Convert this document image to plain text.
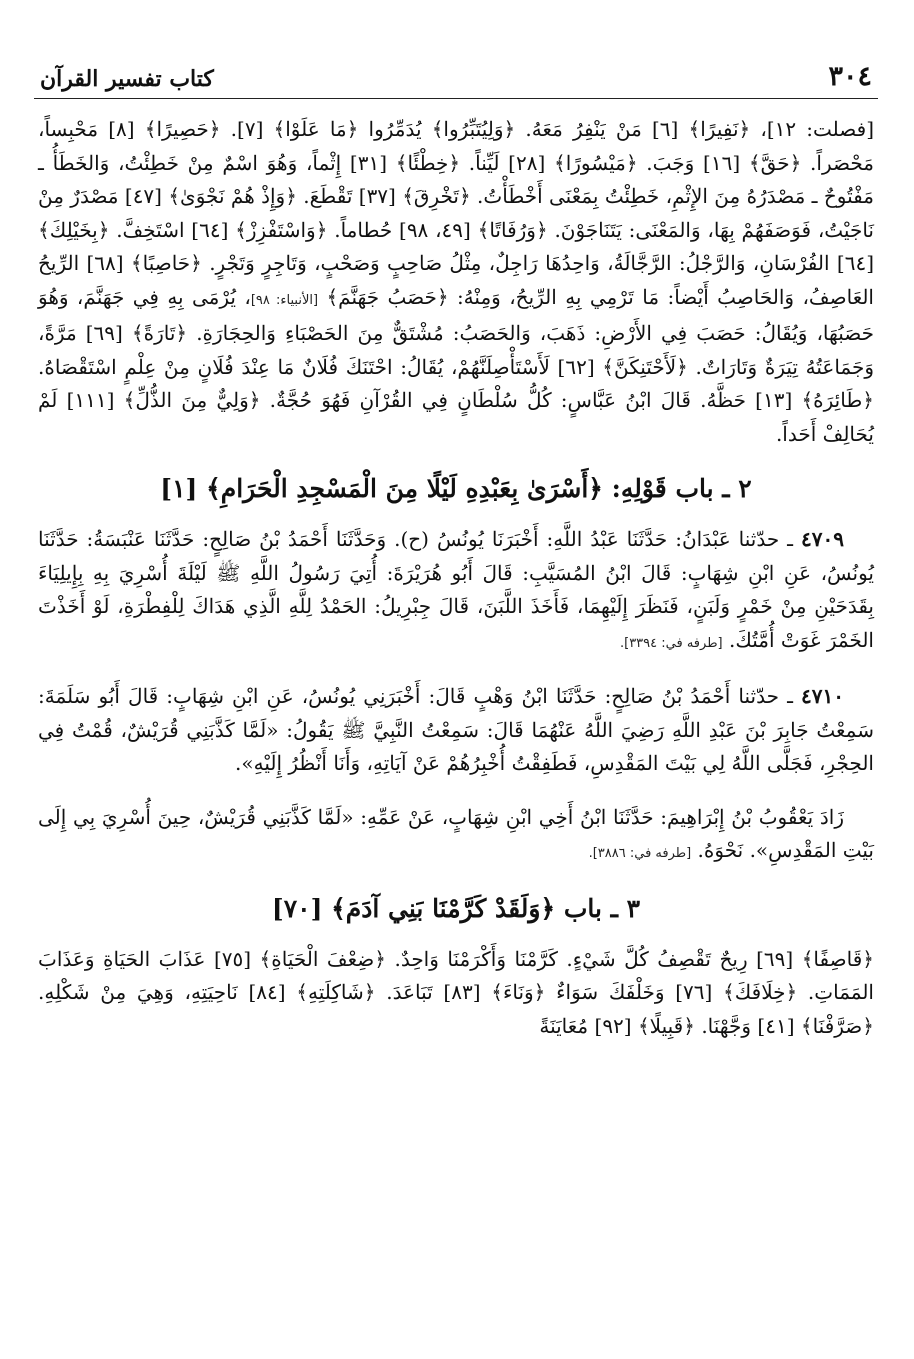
٣٠٤
كتاب تفسير القرآن

[فصلت: ١٢]، ﴿نَفِيرًا﴾ [٦] مَنْ يَنْفِرُ مَعَهُ. ﴿وَلِيُتَبِّرُوا﴾ يُدَمِّرُوا ﴿مَا عَلَوْا﴾ [٧]. ﴿حَصِيرًا﴾ [٨] مَحْبِساً، مَحْصَراً. ﴿حَقَّ﴾ [١٦] وَجَبَ. ﴿مَيْسُورًا﴾ [٢٨] لَيِّناً. ﴿خِطْئًا﴾ [٣١] إِثْماً، وَهُوَ اسْمٌ مِنْ خَطِئْتُ، وَالخَطَأُ ـ مَفْتُوحٌ ـ مَصْدَرُهُ مِنَ الإِثْمِ، خَطِئْتُ بِمَعْنَى أَخْطَأْتُ. ﴿تَخْرِقَ﴾ [٣٧] تَقْطَعَ. ﴿وَإِذْ هُمْ نَجْوَىٰ﴾ [٤٧] مَصْدَرٌ مِنْ نَاجَيْتُ، فَوَصَفَهُمْ بِهَا، وَالمَعْنَى: يَتَنَاجَوْنَ. ﴿وَرُفَاتًا﴾ [٤٩، ٩٨] حُطاماً. ﴿وَاسْتَفْزِزْ﴾ [٦٤] اسْتَخِفَّ. ﴿بِخَيْلِكَ﴾ [٦٤] الفُرْسَانِ، وَالرَّجْلُ: الرَّجَّالَةُ، وَاحِدُهَا رَاجِلٌ، مِثْلُ صَاحِبٍ وَصَحْبٍ، وَتَاجِرٍ وَتَجْرٍ. ﴿حَاصِبًا﴾ [٦٨] الرِّيحُ العَاصِفُ، وَالحَاصِبُ أَيْضاً: مَا تَرْمِي بِهِ الرِّيحُ، وَمِنْهُ: ﴿حَصَبُ جَهَنَّمَ﴾ [الأنبياء: ٩٨]، يُرْمَى بِهِ فِي جَهَنَّمَ، وَهُوَ حَصَبُهَا، وَيُقَالُ: حَصَبَ فِي الأَرْضِ: ذَهَبَ، وَالحَصَبُ: مُشْتَقٌّ مِنَ الحَصْبَاءِ وَالحِجَارَةِ. ﴿تَارَةً﴾ [٦٩] مَرَّةً، وَجَمَاعَتُهُ تِيَرَةٌ وَتَارَاتٌ. ﴿لَأَحْتَنِكَنَّ﴾ [٦٢] لَأَسْتَأْصِلَنَّهُمْ، يُقَالُ: احْتَنَكَ فُلَانٌ مَا عِنْدَ فُلَانٍ مِنْ عِلْمٍ اسْتَقْصَاهُ. ﴿طَائِرَهُ﴾ [١٣] حَظَّهُ. قَالَ ابْنُ عَبَّاسٍ: كُلُّ سُلْطَانٍ فِي القُرْآنِ فَهُوَ حُجَّةٌ. ﴿وَلِيٌّ مِنَ الذُّلِّ﴾ [١١١] لَمْ يُحَالِفْ أَحَداً.

٢ ـ باب قَوْلِهِ: ﴿أَسْرَىٰ بِعَبْدِهِ لَيْلًا مِنَ الْمَسْجِدِ الْحَرَامِ﴾ [١]

٤٧٠٩ ـ حدّثنا عَبْدَانُ: حَدَّثَنَا عَبْدُ اللَّهِ: أَخْبَرَنَا يُونُسُ (ح). وَحَدَّثَنَا أَحْمَدُ بْنُ صَالِحٍ: حَدَّثَنَا عَنْبَسَةُ: حَدَّثَنَا يُونُسُ، عَنِ ابْنِ شِهَابٍ: قَالَ ابْنُ المُسَيَّبِ: قَالَ أَبُو هُرَيْرَةَ: أُتِيَ رَسُولُ اللَّهِ ﷺ لَيْلَةَ أُسْرِيَ بِهِ بِإِيلِيَاءَ بِقَدَحَيْنِ مِنْ خَمْرٍ وَلَبَنٍ، فَنَظَرَ إِلَيْهِمَا، فَأَخَذَ اللَّبَنَ، قَالَ جِبْرِيلُ: الحَمْدُ لِلَّهِ الَّذِي هَدَاكَ لِلْفِطْرَةِ، لَوْ أَخَذْتَ الخَمْرَ غَوَتْ أُمَّتُكَ. [طرفه في: ٣٣٩٤].

٤٧١٠ ـ حدّثنا أَحْمَدُ بْنُ صَالِحٍ: حَدَّثَنَا ابْنُ وَهْبٍ قَالَ: أَخْبَرَنِي يُونُسُ، عَنِ ابْنِ شِهَابٍ: قَالَ أَبُو سَلَمَةَ: سَمِعْتُ جَابِرَ بْنَ عَبْدِ اللَّهِ رَضِيَ اللَّهُ عَنْهُمَا قَالَ: سَمِعْتُ النَّبِيَّ ﷺ يَقُولُ: «لَمَّا كَذَّبَنِي قُرَيْشٌ، قُمْتُ فِي الحِجْرِ، فَجَلَّى اللَّهُ لِي بَيْتَ المَقْدِسِ، فَطَفِقْتُ أُخْبِرُهُمْ عَنْ آيَاتِهِ، وَأَنَا أَنْظُرُ إِلَيْهِ».

زَادَ يَعْقُوبُ بْنُ إِبْرَاهِيمَ: حَدَّثَنَا ابْنُ أَخِي ابْنِ شِهَابٍ، عَنْ عَمِّهِ: «لَمَّا كَذَّبَنِي قُرَيْشٌ، حِينَ أُسْرِيَ بِي إِلَى بَيْتِ المَقْدِسِ». نَحْوَهُ. [طرفه في: ٣٨٨٦].

٣ ـ باب ﴿وَلَقَدْ كَرَّمْنَا بَنِي آدَمَ﴾ [٧٠]

﴿قَاصِفًا﴾ [٦٩] رِيحٌ تَقْصِفُ كُلَّ شَيْءٍ. كَرَّمْنَا وَأَكْرَمْنَا وَاحِدٌ. ﴿ضِعْفَ الْحَيَاةِ﴾ [٧٥] عَذَابَ الحَيَاةِ وَعَذَابَ المَمَاتِ. ﴿خِلَافَكَ﴾ [٧٦] وَخَلْفَكَ سَوَاءٌ ﴿وَنَاءَ﴾ [٨٣] تَبَاعَدَ. ﴿شَاكِلَتِهِ﴾ [٨٤] نَاحِيَتِهِ، وَهِيَ مِنْ شَكْلِهِ. ﴿صَرَّفْنَا﴾ [٤١] وَجَّهْنَا. ﴿قَبِيلًا﴾ [٩٢] مُعَايَنَةً
